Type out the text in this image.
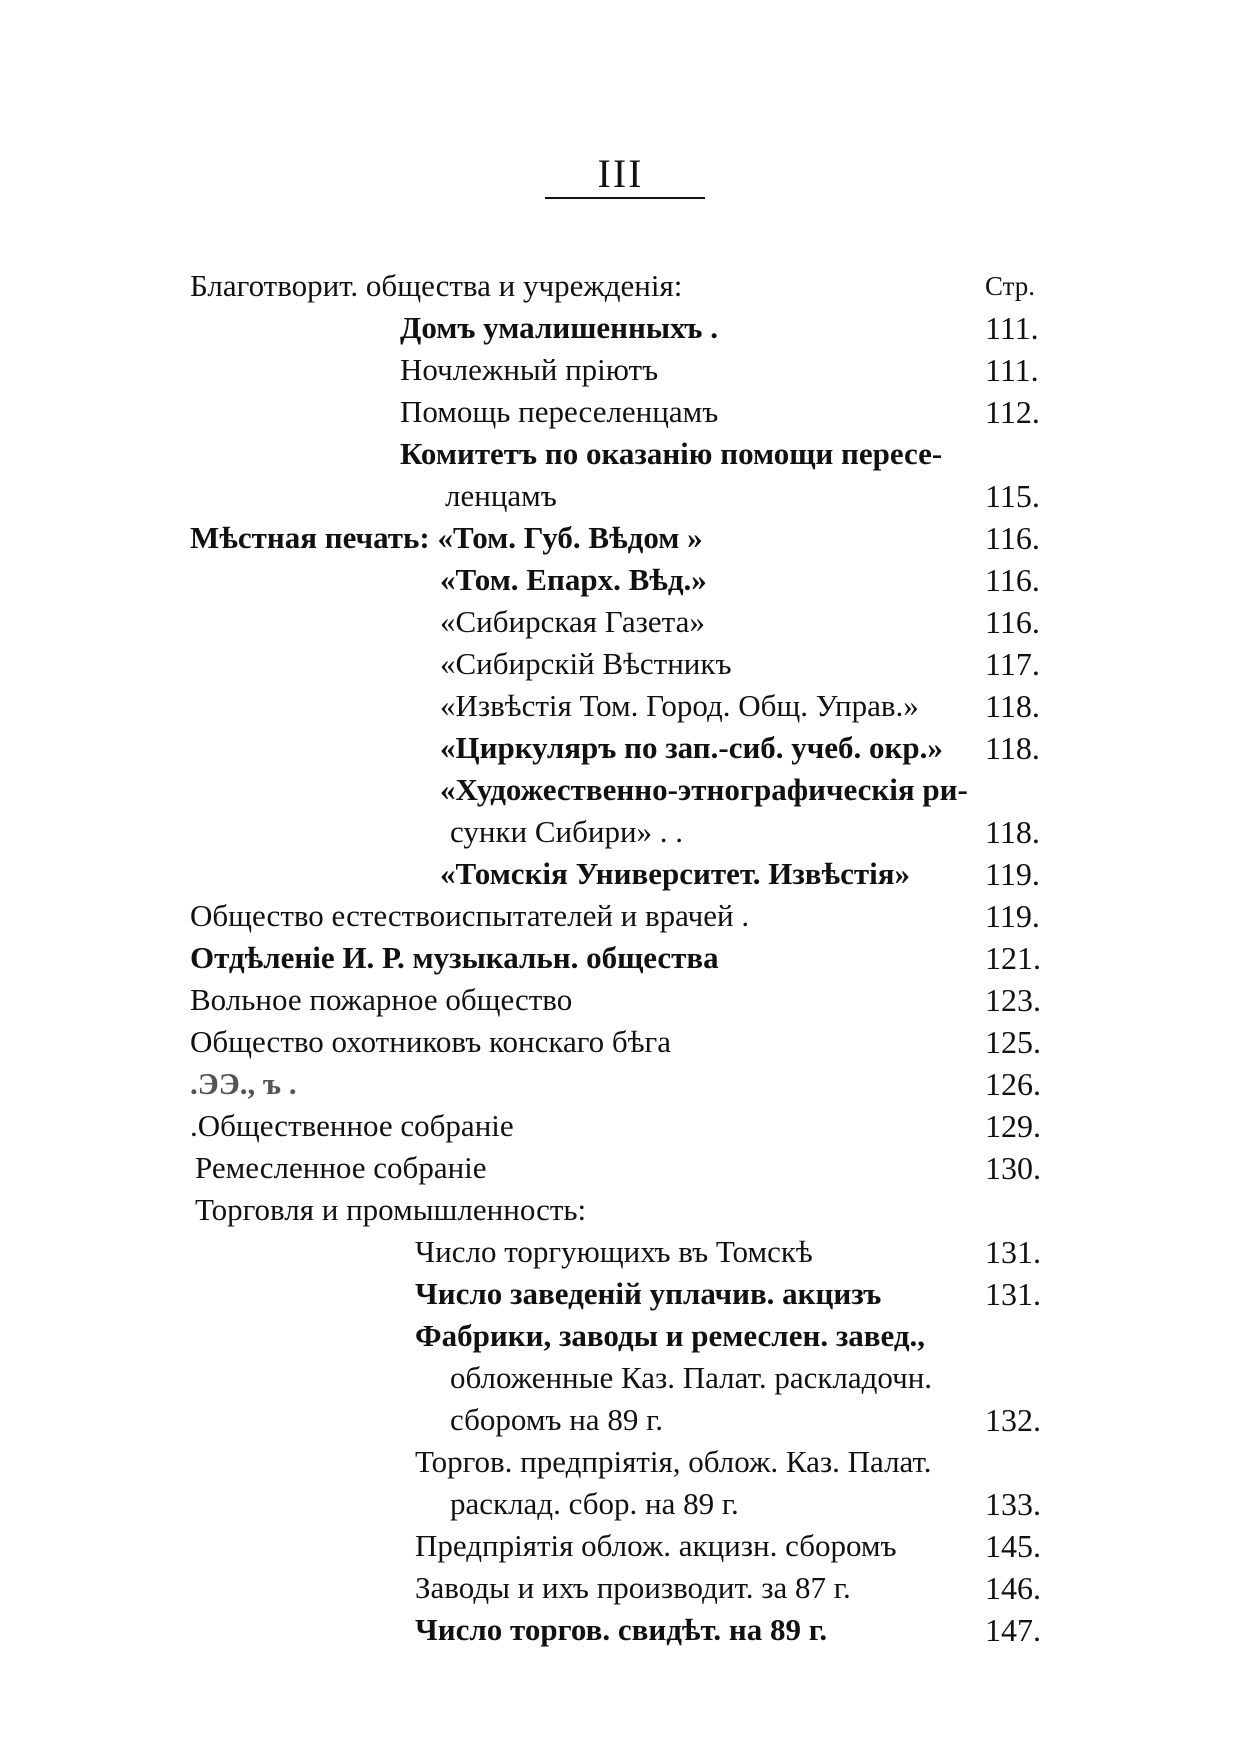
III
Стр.
Благотворит. общества и учрежденія:
Домъ умалишенныхъ .	111.
Ночлежный пріютъ	111.
Помощь переселенцамъ	112.
Комитетъ по оказанію помощи пересе-
ленцамъ	115.
Мѣстная печать: «Том. Губ. Вѣдом »	116.
«Том. Епарх. Вѣд.»	116.
«Сибирская Газета»	116.
«Сибирскій Вѣстникъ	117.
«Извѣстія Том. Город. Общ. Управ.» 118.
«Циркуляръ по зап.-сиб. учеб. окр.» 118.
«Художественно-этнографическія ри-
сунки Сибири» . .	118.
«Томскія Университет. Извѣстія» 119.
Общество естествоиспытателей и врачей .	119.
Отдѣленіе И. Р. музыкальн. общества	121.
Вольное пожарное общество	123.
Общество охотниковъ конскаго бѣга	125.
.ЭЭ., ъ .	126.
.Общественное собраніе	129.
Ремесленное собраніе	130.
Торговля и промышленность:
Число торгующихъ въ Томскѣ	131.
Число заведеній уплачив. акцизъ	131.
Фабрики, заводы и ремеслен. завед.,
обложенные Каз. Палат. раскладочн.
сборомъ на 89 г.	132.
Торгов. предпріятія, облож. Каз. Палат.
расклад. сбор. на 89 г.	133.
Предпріятія облож. акцизн. сборомъ	145.
Заводы и ихъ производит. за 87 г.	146.
Число торгов. свидѣт. на 89 г.	147.
